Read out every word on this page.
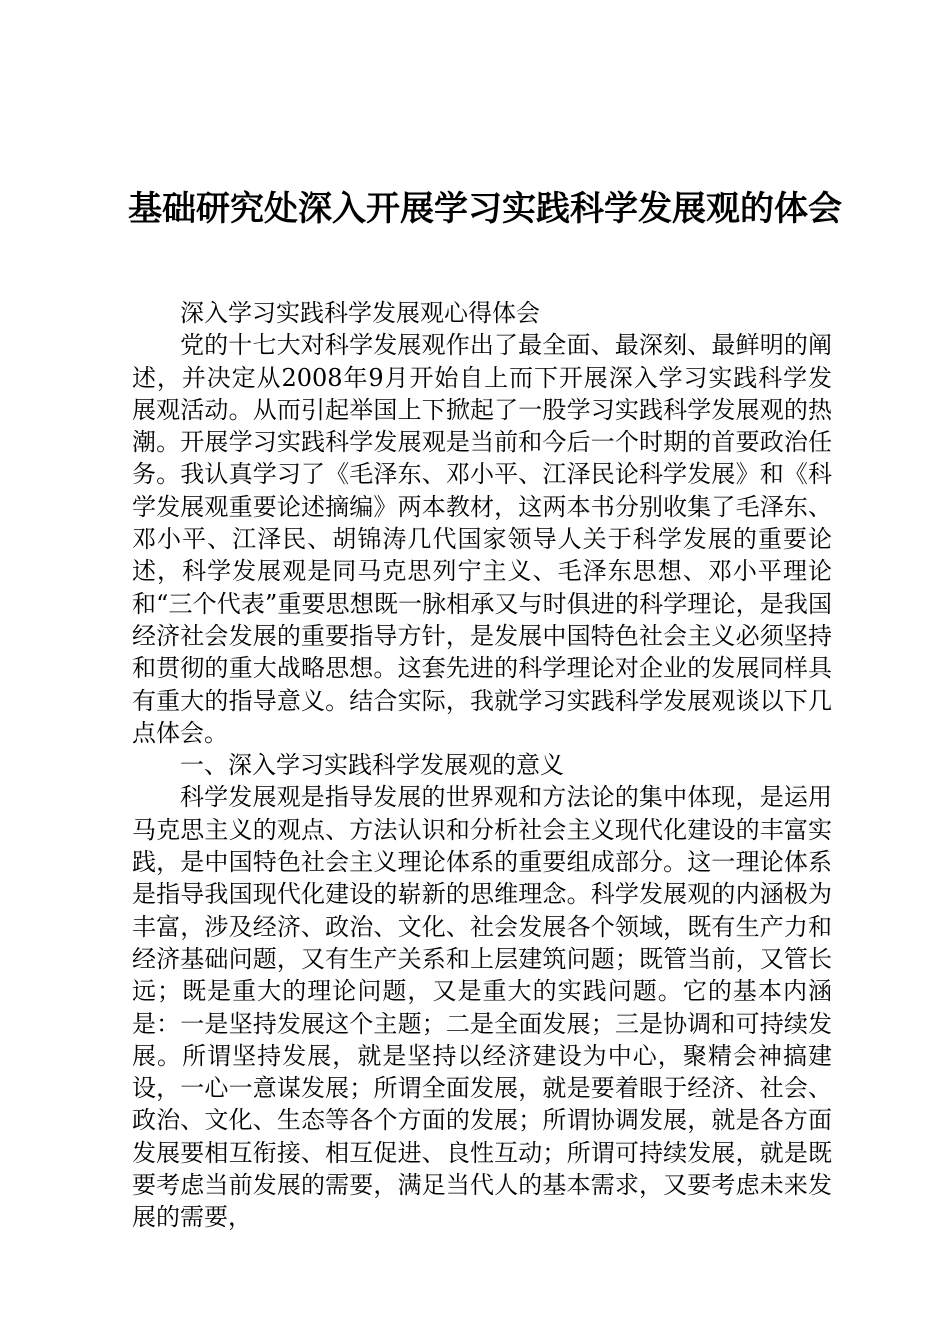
基础研究处深入开展学习实践科学发展观的体会

深入学习实践科学发展观心得体会

党的十七大对科学发展观作出了最全面、最深刻、最鲜明的阐述，并决定从2008年9月开始自上而下开展深入学习实践科学发展观活动。从而引起举国上下掀起了一股学习实践科学发展观的热潮。开展学习实践科学发展观是当前和今后一个时期的首要政治任务。我认真学习了《毛泽东、邓小平、江泽民论科学发展》和《科学发展观重要论述摘编》两本教材，这两本书分别收集了毛泽东、邓小平、江泽民、胡锦涛几代国家领导人关于科学发展的重要论述，科学发展观是同马克思列宁主义、毛泽东思想、邓小平理论和“三个代表”重要思想既一脉相承又与时俱进的科学理论，是我国经济社会发展的重要指导方针，是发展中国特色社会主义必须坚持和贯彻的重大战略思想。这套先进的科学理论对企业的发展同样具有重大的指导意义。结合实际，我就学习实践科学发展观谈以下几点体会。

一、深入学习实践科学发展观的意义

科学发展观是指导发展的世界观和方法论的集中体现，是运用马克思主义的观点、方法认识和分析社会主义现代化建设的丰富实践，是中国特色社会主义理论体系的重要组成部分。这一理论体系是指导我国现代化建设的崭新的思维理念。科学发展观的内涵极为丰富，涉及经济、政治、文化、社会发展各个领域，既有生产力和经济基础问题，又有生产关系和上层建筑问题；既管当前，又管长远；既是重大的理论问题，又是重大的实践问题。它的基本内涵是：一是坚持发展这个主题；二是全面发展；三是协调和可持续发展。所谓坚持发展，就是坚持以经济建设为中心，聚精会神搞建设，一心一意谋发展；所谓全面发展，就是要着眼于经济、社会、政治、文化、生态等各个方面的发展；所谓协调发展，就是各方面发展要相互衔接、相互促进、良性互动；所谓可持续发展，就是既要考虑当前发展的需要，满足当代人的基本需求，又要考虑未来发展的需要，
